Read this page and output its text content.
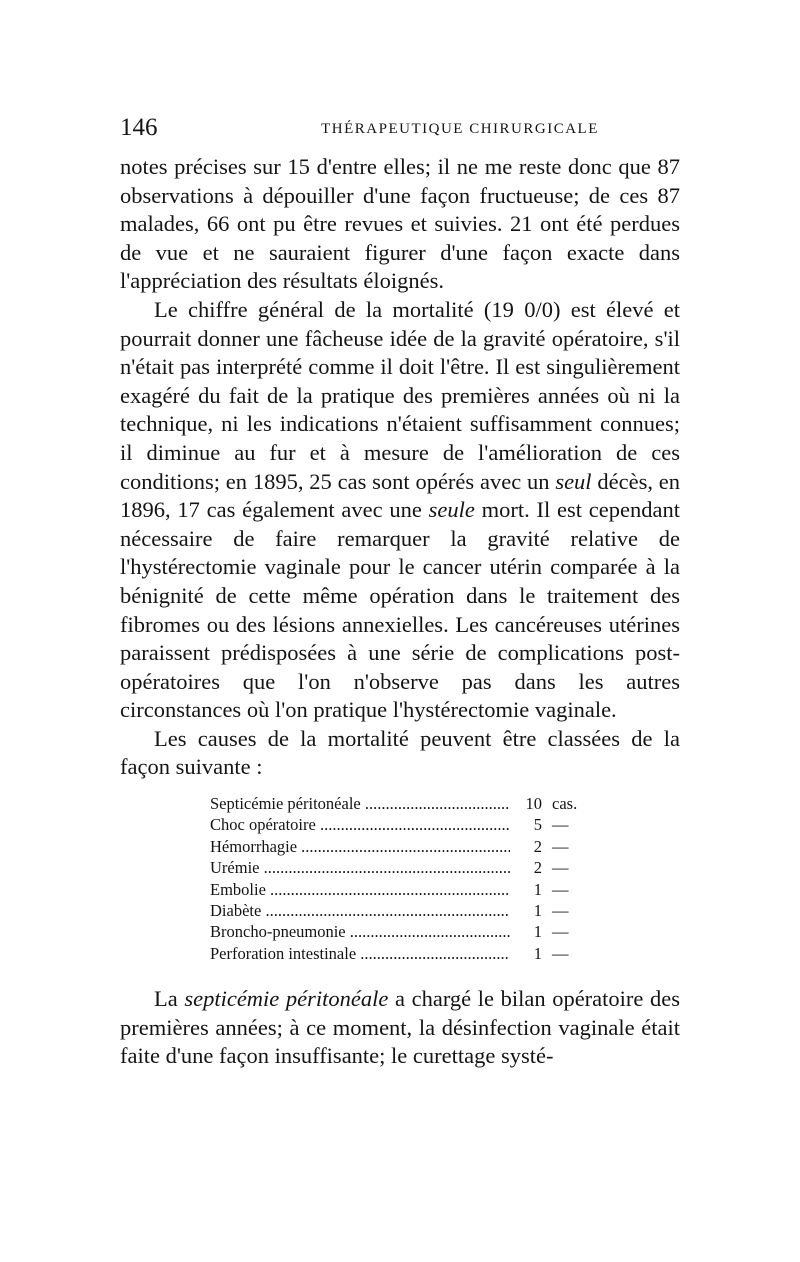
146	THÉRAPEUTIQUE CHIRURGICALE

notes précises sur 15 d'entre elles; il ne me reste donc que 87 observations à dépouiller d'une façon fructueuse; de ces 87 malades, 66 ont pu être revues et suivies. 21 ont été perdues de vue et ne sauraient figurer d'une façon exacte dans l'appréciation des résultats éloignés.

Le chiffre général de la mortalité (19 0/0) est élevé et pourrait donner une fâcheuse idée de la gravité opératoire, s'il n'était pas interprété comme il doit l'être. Il est singulièrement exagéré du fait de la pratique des premières années où ni la technique, ni les indications n'étaient suffisamment connues; il diminue au fur et à mesure de l'amélioration de ces conditions; en 1895, 25 cas sont opérés avec un seul décès, en 1896, 17 cas également avec une seule mort. Il est cependant nécessaire de faire remarquer la gravité relative de l'hystérectomie vaginale pour le cancer utérin comparée à la bénignité de cette même opération dans le traitement des fibromes ou des lésions annexielles. Les cancéreuses utérines paraissent prédisposées à une série de complications post-opératoires que l'on n'observe pas dans les autres circonstances où l'on pratique l'hystérectomie vaginale.

Les causes de la mortalité peuvent être classées de la façon suivante :

Septicémie péritonéale .....	10 cas.
Choc opératoire .....	5 —
Hémorrhagie .....	2 —
Urémie .....	2 —
Embolie .....	1 —
Diabète .....	1 —
Broncho-pneumonie .....	1 —
Perforation intestinale .....	1 —

La septicémie péritonéale a chargé le bilan opératoire des premières années; à ce moment, la désinfection vaginale était faite d'une façon insuffisante; le curettage systé-
